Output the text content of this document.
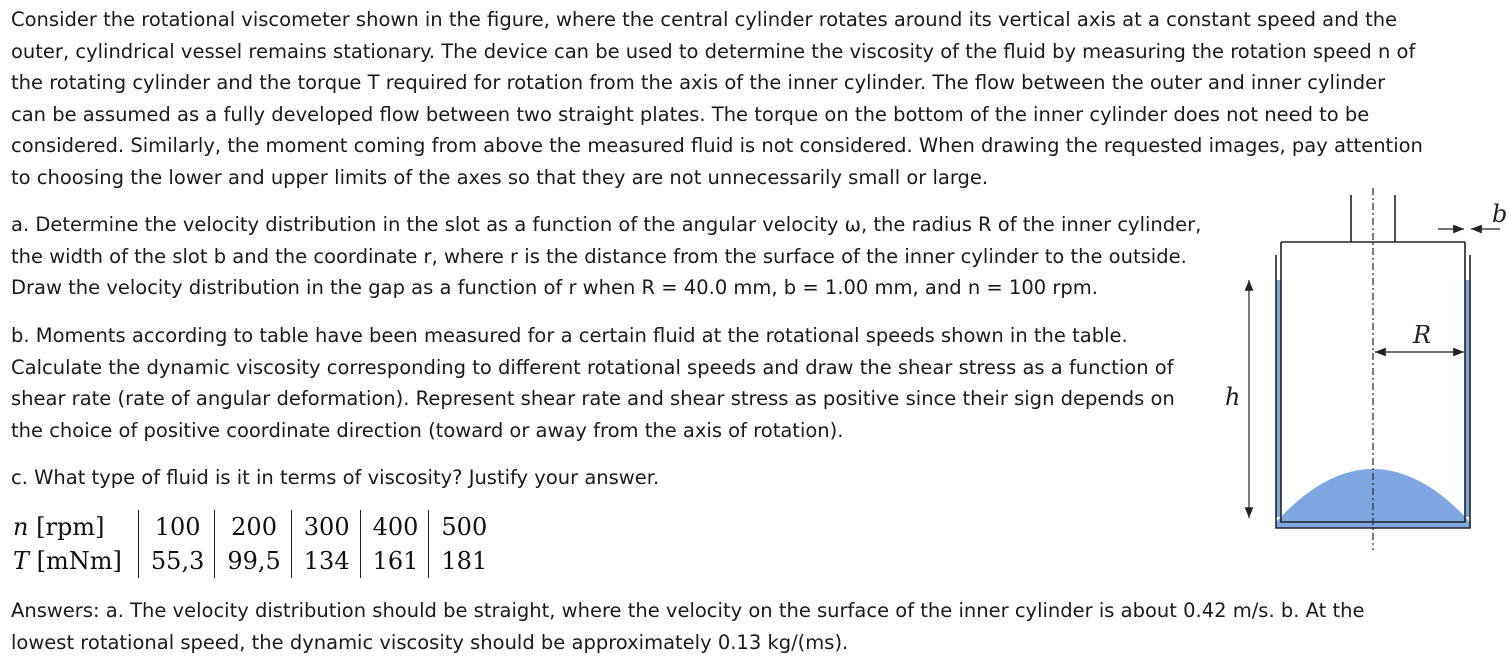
Consider the rotational viscometer shown in the figure, where the central cylinder rotates around its vertical axis at a constant speed and the outer, cylindrical vessel remains stationary. The device can be used to determine the viscosity of the fluid by measuring the rotation speed n of the rotating cylinder and the torque T required for rotation from the axis of the inner cylinder. The flow between the outer and inner cylinder can be assumed as a fully developed flow between two straight plates. The torque on the bottom of the inner cylinder does not need to be considered. Similarly, the moment coming from above the measured fluid is not considered. When drawing the requested images, pay attention to choosing the lower and upper limits of the axes so that they are not unnecessarily small or large.

a. Determine the velocity distribution in the slot as a function of the angular velocity ω, the radius R of the inner cylinder, the width of the slot b and the coordinate r, where r is the distance from the surface of the inner cylinder to the outside. Draw the velocity distribution in the gap as a function of r when R = 40.0 mm, b = 1.00 mm, and n = 100 rpm.

b. Moments according to table have been measured for a certain fluid at the rotational speeds shown in the table. Calculate the dynamic viscosity corresponding to different rotational speeds and draw the shear stress as a function of shear rate (rate of angular deformation). Represent shear rate and shear stress as positive since their sign depends on the choice of positive coordinate direction (toward or away from the axis of rotation).

c. What type of fluid is it in terms of viscosity? Justify your answer.

n [rpm]	100	200	300	400	500
T [mNm]	55,3	99,5	134	161	181

Answers: a. The velocity distribution should be straight, where the velocity on the surface of the inner cylinder is about 0.42 m/s. b. At the lowest rotational speed, the dynamic viscosity should be approximately 0.13 kg/(ms).

R
h
b
